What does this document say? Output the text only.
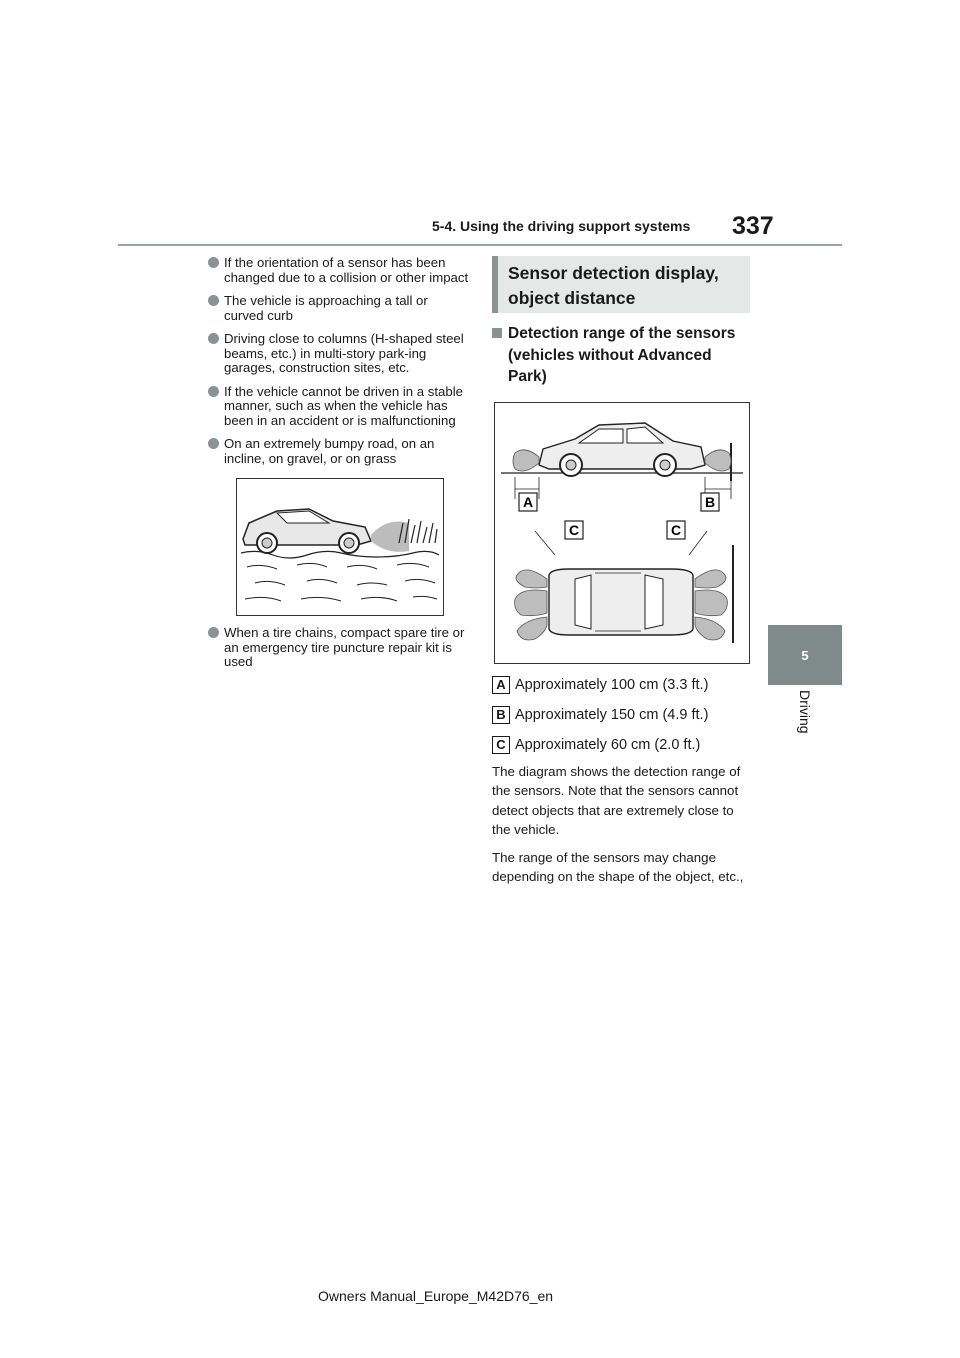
5-4. Using the driving support systems 337
5
Driving
If the orientation of a sensor has been changed due to a collision or other impact
The vehicle is approaching a tall or curved curb
Driving close to columns (H-shaped steel beams, etc.) in multi-story park-ing garages, construction sites, etc.
If the vehicle cannot be driven in a stable manner, such as when the vehicle has been in an accident or is malfunctioning
On an extremely bumpy road, on an incline, on gravel, or on grass
When a tire chains, compact spare tire or an emergency tire puncture repair kit is used
Sensor detection display, object distance
Detection range of the sensors (vehicles without Advanced Park)
A	B
C	C
A Approximately 100 cm (3.3 ft.)
B Approximately 150 cm (4.9 ft.)
C Approximately 60 cm (2.0 ft.)
The diagram shows the detection range of the sensors. Note that the sensors cannot detect objects that are extremely close to the vehicle.
The range of the sensors may change depending on the shape of the object, etc.,
Owners Manual_Europe_M42D76_en
